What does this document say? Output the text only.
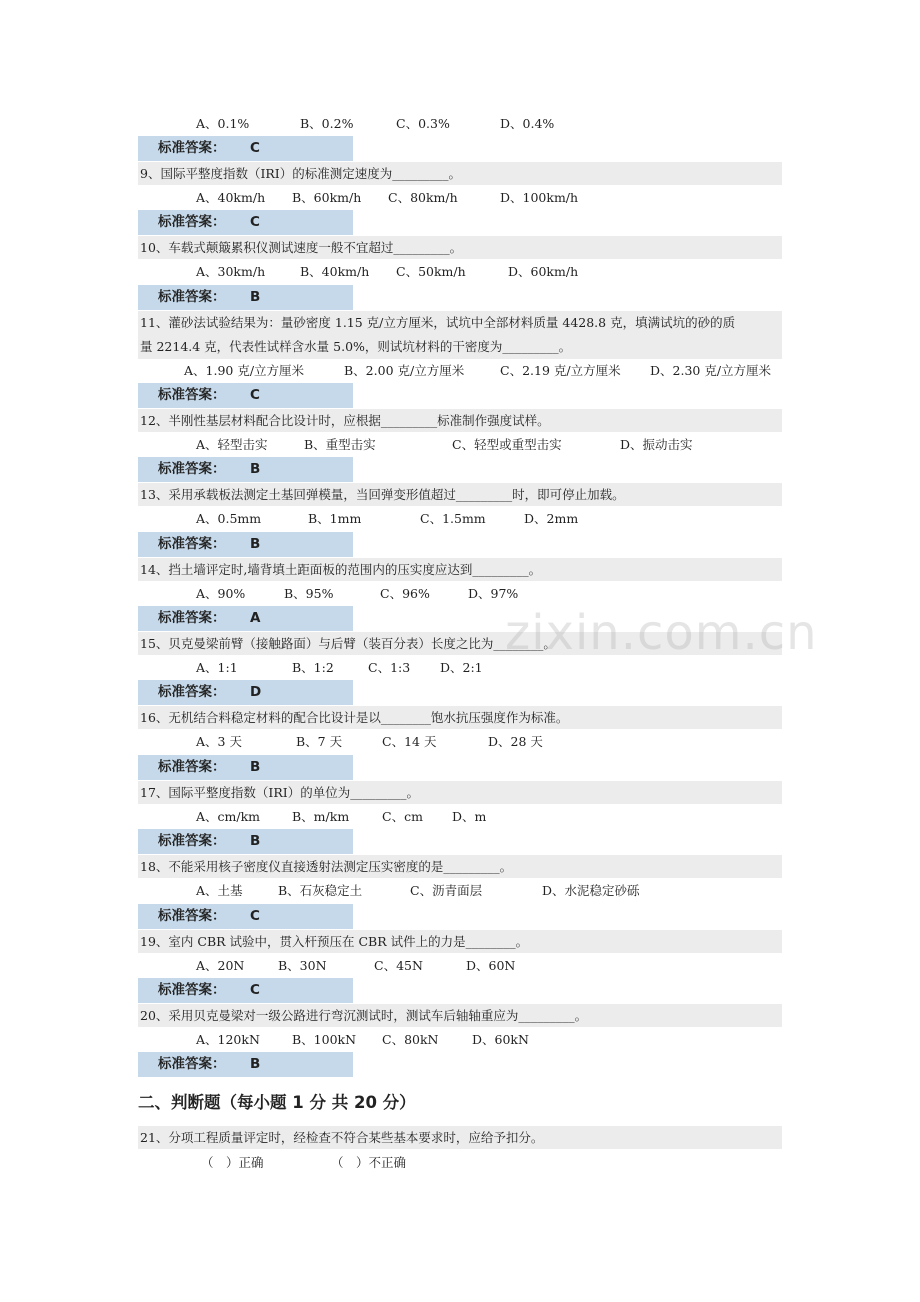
A、0.1%	B、0.2%	C、0.3%	D、0.4%
标准答案： C
9、国际平整度指数（IRI）的标准测定速度为_________。
A、40km/h B、60km/h C、80km/h	D、100km/h
标准答案： C
10、车载式颠簸累积仪测试速度一般不宜超过_________。
A、30km/h	B、40km/h C、50km/h	D、60km/h
标准答案： B
11、灌砂法试验结果为：量砂密度 1.15 克/立方厘米，试坑中全部材料质量 4428.8 克，填满试坑的砂的质
量 2214.4 克，代表性试样含水量 5.0%，则试坑材料的干密度为_________。
A、1.90 克/立方厘米	B、2.00 克/立方厘米	C、2.19 克/立方厘米 D、2.30 克/立方厘米
标准答案： C
12、半刚性基层材料配合比设计时，应根据_________标准制作强度试样。
A、轻型击实	B、重型击实	C、轻型或重型击实	D、振动击实
标准答案： B
13、采用承载板法测定土基回弹模量，当回弹变形值超过_________时，即可停止加载。
A、0.5mm	B、1mm	C、1.5mm	D、2mm
标准答案： B
14、挡土墙评定时,墙背填土距面板的范围内的压实度应达到_________。
A、90%	B、95%	C、96%	D、97%
标准答案： A
15、贝克曼梁前臂（接触路面）与后臂（装百分表）长度之比为________。
A、1:1	B、1:2	C、1:3 D、2:1
标准答案： D
16、无机结合料稳定材料的配合比设计是以________饱水抗压强度作为标准。
A、3 天	B、7 天	C、14 天	D、28 天
标准答案： B
17、国际平整度指数（IRI）的单位为_________。
A、cm/km	B、m/km	C、cm D、m
标准答案： B
18、不能采用核子密度仪直接透射法测定压实密度的是_________。
A、土基	B、石灰稳定土	C、沥青面层	D、水泥稳定砂砾
标准答案： C
19、室内 CBR 试验中，贯入杆预压在 CBR 试件上的力是________。
A、20N	B、30N	C、45N	D、60N
标准答案： C
20、采用贝克曼梁对一级公路进行弯沉测试时，测试车后轴轴重应为_________。
A、120kN	B、100kN C、80kN	D、60kN
标准答案： B
二、判断题（每小题 1 分 共 20 分）
21、分项工程质量评定时，经检查不符合某些基本要求时，应给予扣分。
（　）正确	（　）不正确
zixin.com.cn
